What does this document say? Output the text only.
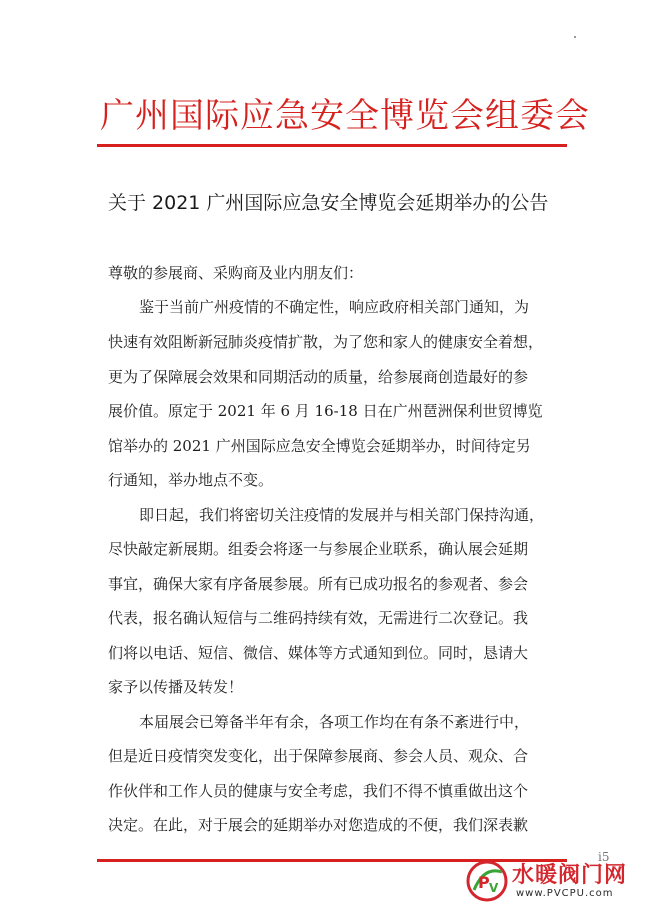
广州国际应急安全博览会组委会
关于 2021 广州国际应急安全博览会延期举办的公告
尊敬的参展商、采购商及业内朋友们：
鉴于当前广州疫情的不确定性，响应政府相关部门通知，为
快速有效阻断新冠肺炎疫情扩散，为了您和家人的健康安全着想，
更为了保障展会效果和同期活动的质量，给参展商创造最好的参
展价值。原定于 2021 年 6 月 16-18 日在广州琶洲保利世贸博览
馆举办的 2021 广州国际应急安全博览会延期举办，时间待定另
行通知，举办地点不变。
即日起，我们将密切关注疫情的发展并与相关部门保持沟通，
尽快敲定新展期。组委会将逐一与参展企业联系，确认展会延期
事宜，确保大家有序备展参展。所有已成功报名的参观者、参会
代表，报名确认短信与二维码持续有效，无需进行二次登记。我
们将以电话、短信、微信、媒体等方式通知到位。同时，恳请大
家予以传播及转发！
本届展会已筹备半年有余，各项工作均在有条不紊进行中，
但是近日疫情突发变化，出于保障参展商、参会人员、观众、合
作伙伴和工作人员的健康与安全考虑，我们不得不慎重做出这个
决定。在此，对于展会的延期举办对您造成的不便，我们深表歉
i5
P V 水暖阀门网
www.PVCPU.com
